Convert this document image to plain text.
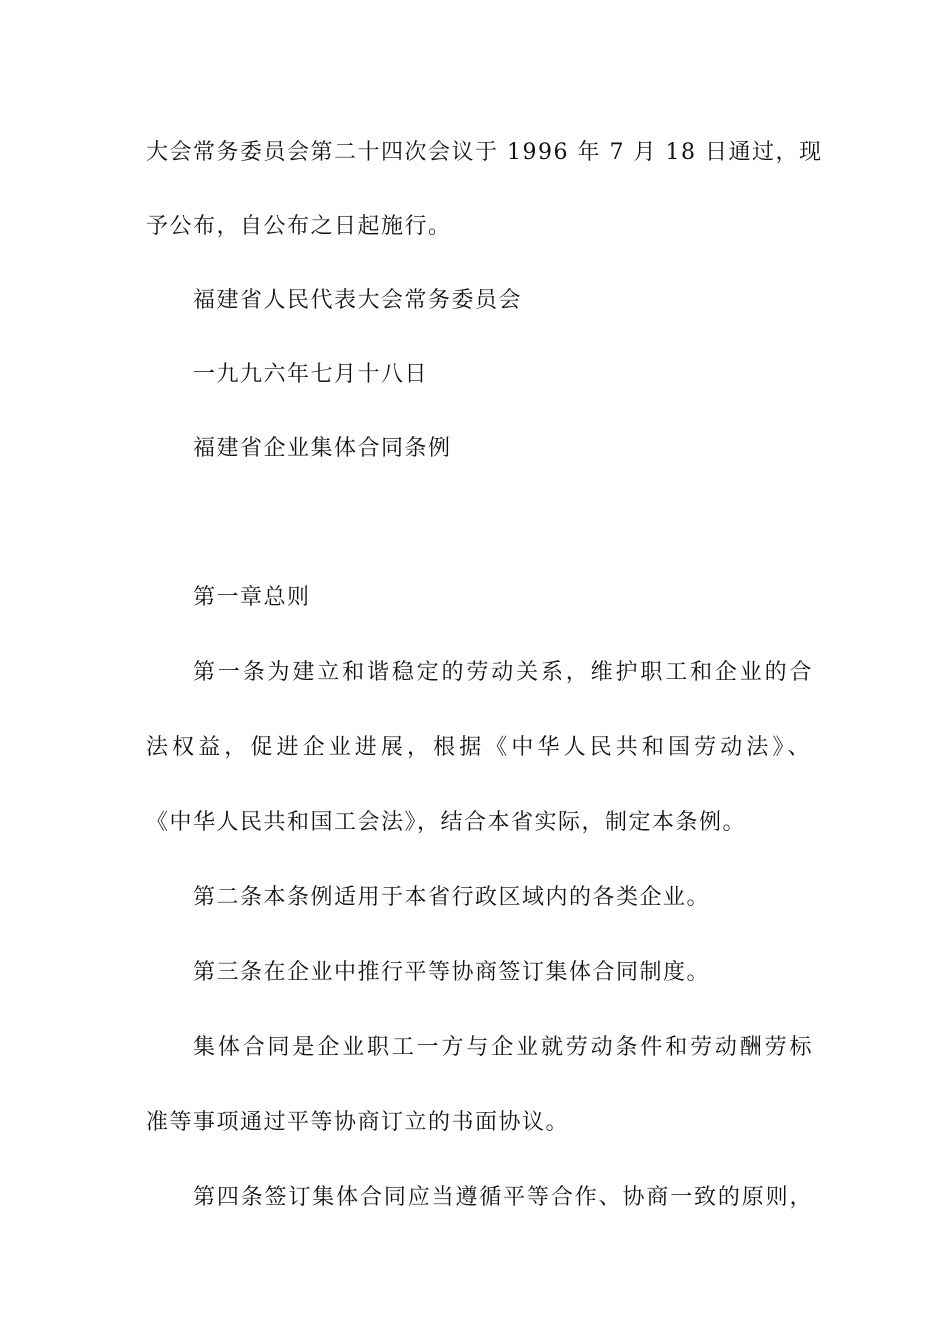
大会常务委员会第二十四次会议于 1996 年 7 月 18 日通过，现
予公布，自公布之日起施行。
福建省人民代表大会常务委员会
一九九六年七月十八日
福建省企业集体合同条例
第一章总则
第一条为建立和谐稳定的劳动关系，维护职工和企业的合
法权益，促进企业进展，根据《中华人民共和国劳动法》、
《中华人民共和国工会法》，结合本省实际，制定本条例。
第二条本条例适用于本省行政区域内的各类企业。
第三条在企业中推行平等协商签订集体合同制度。
集体合同是企业职工一方与企业就劳动条件和劳动酬劳标
准等事项通过平等协商订立的书面协议。
第四条签订集体合同应当遵循平等合作、协商一致的原则，
